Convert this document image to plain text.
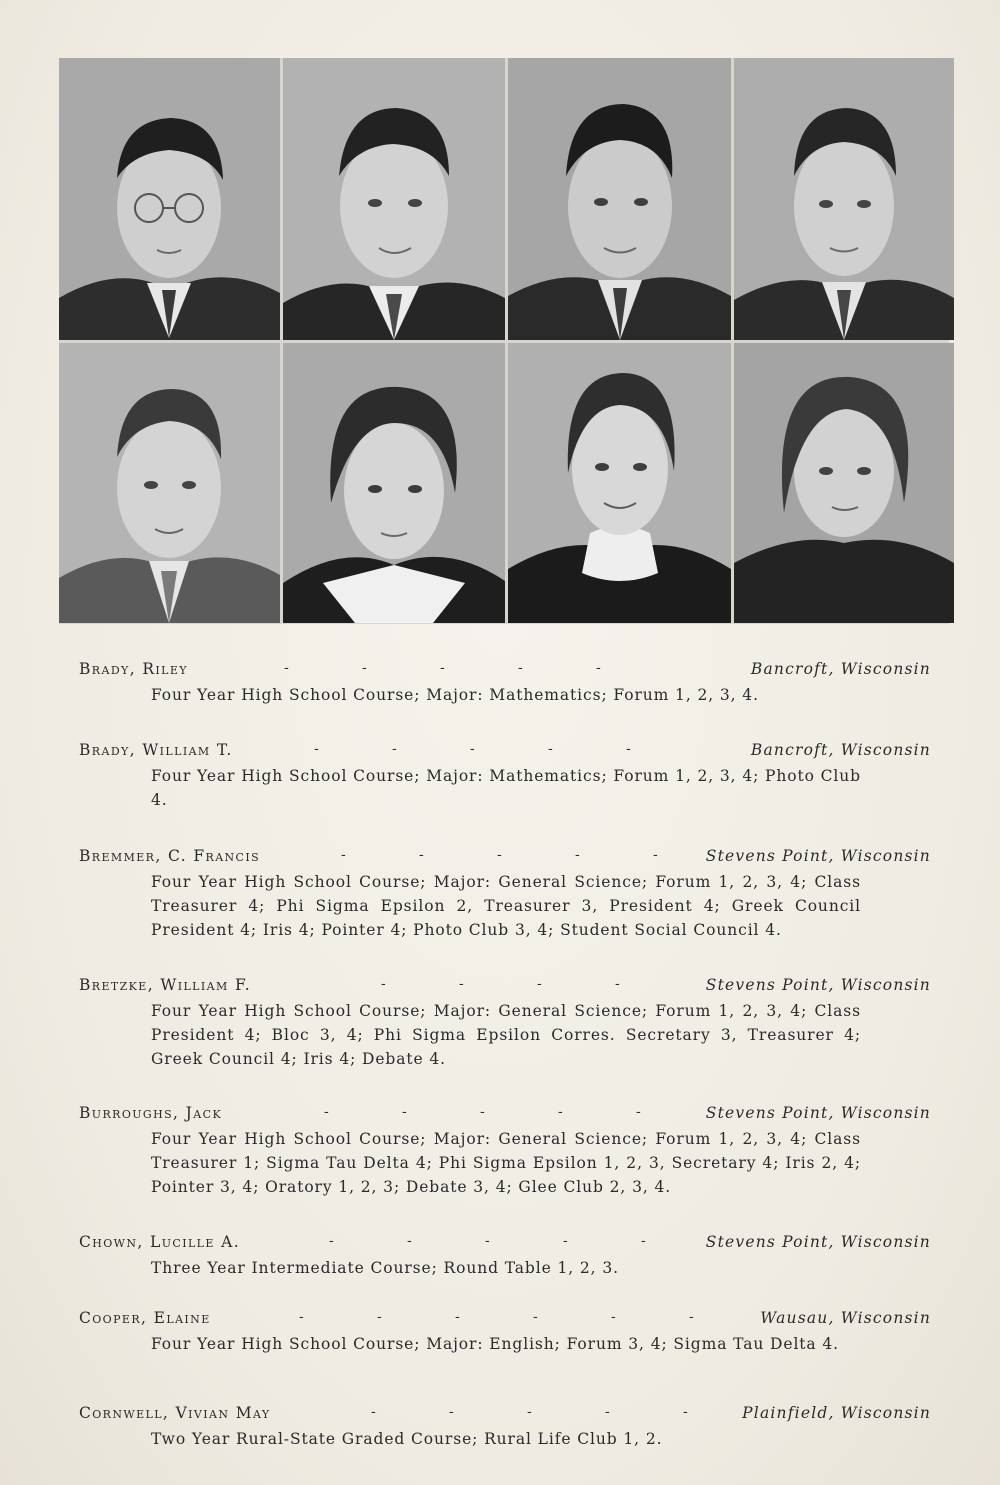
Brady, Riley	-	-	-	-	-	Bancroft, Wisconsin
Four Year High School Course; Major: Mathematics; Forum 1, 2, 3, 4.
Brady, William T.	-	-	-	-	-	Bancroft, Wisconsin
Four Year High School Course; Major: Mathematics; Forum 1, 2, 3, 4; Photo Club 4.
Bremmer, C. Francis	-	-	-	-	-	Stevens Point, Wisconsin
Four Year High School Course; Major: General Science; Forum 1, 2, 3, 4; Class Treasurer 4; Phi Sigma Epsilon 2, Treasurer 3, President 4; Greek Council President 4; Iris 4; Pointer 4; Photo Club 3, 4; Student Social Council 4.
Bretzke, William F.	-	-	-	-	Stevens Point, Wisconsin
Four Year High School Course; Major: General Science; Forum 1, 2, 3, 4; Class President 4; Bloc 3, 4; Phi Sigma Epsilon Corres. Secretary 3, Treasurer 4; Greek Council 4; Iris 4; Debate 4.
Burroughs, Jack	-	-	-	-	-	Stevens Point, Wisconsin
Four Year High School Course; Major: General Science; Forum 1, 2, 3, 4; Class Treasurer 1; Sigma Tau Delta 4; Phi Sigma Epsilon 1, 2, 3, Secretary 4; Iris 2, 4; Pointer 3, 4; Oratory 1, 2, 3; Debate 3, 4; Glee Club 2, 3, 4.
Chown, Lucille A.	-	-	-	-	-	Stevens Point, Wisconsin
Three Year Intermediate Course; Round Table 1, 2, 3.
Cooper, Elaine	-	-	-	-	-	-	Wausau, Wisconsin
Four Year High School Course; Major: English; Forum 3, 4; Sigma Tau Delta 4.
Cornwell, Vivian May	-	-	-	-	-	Plainfield, Wisconsin
Two Year Rural-State Graded Course; Rural Life Club 1, 2.
